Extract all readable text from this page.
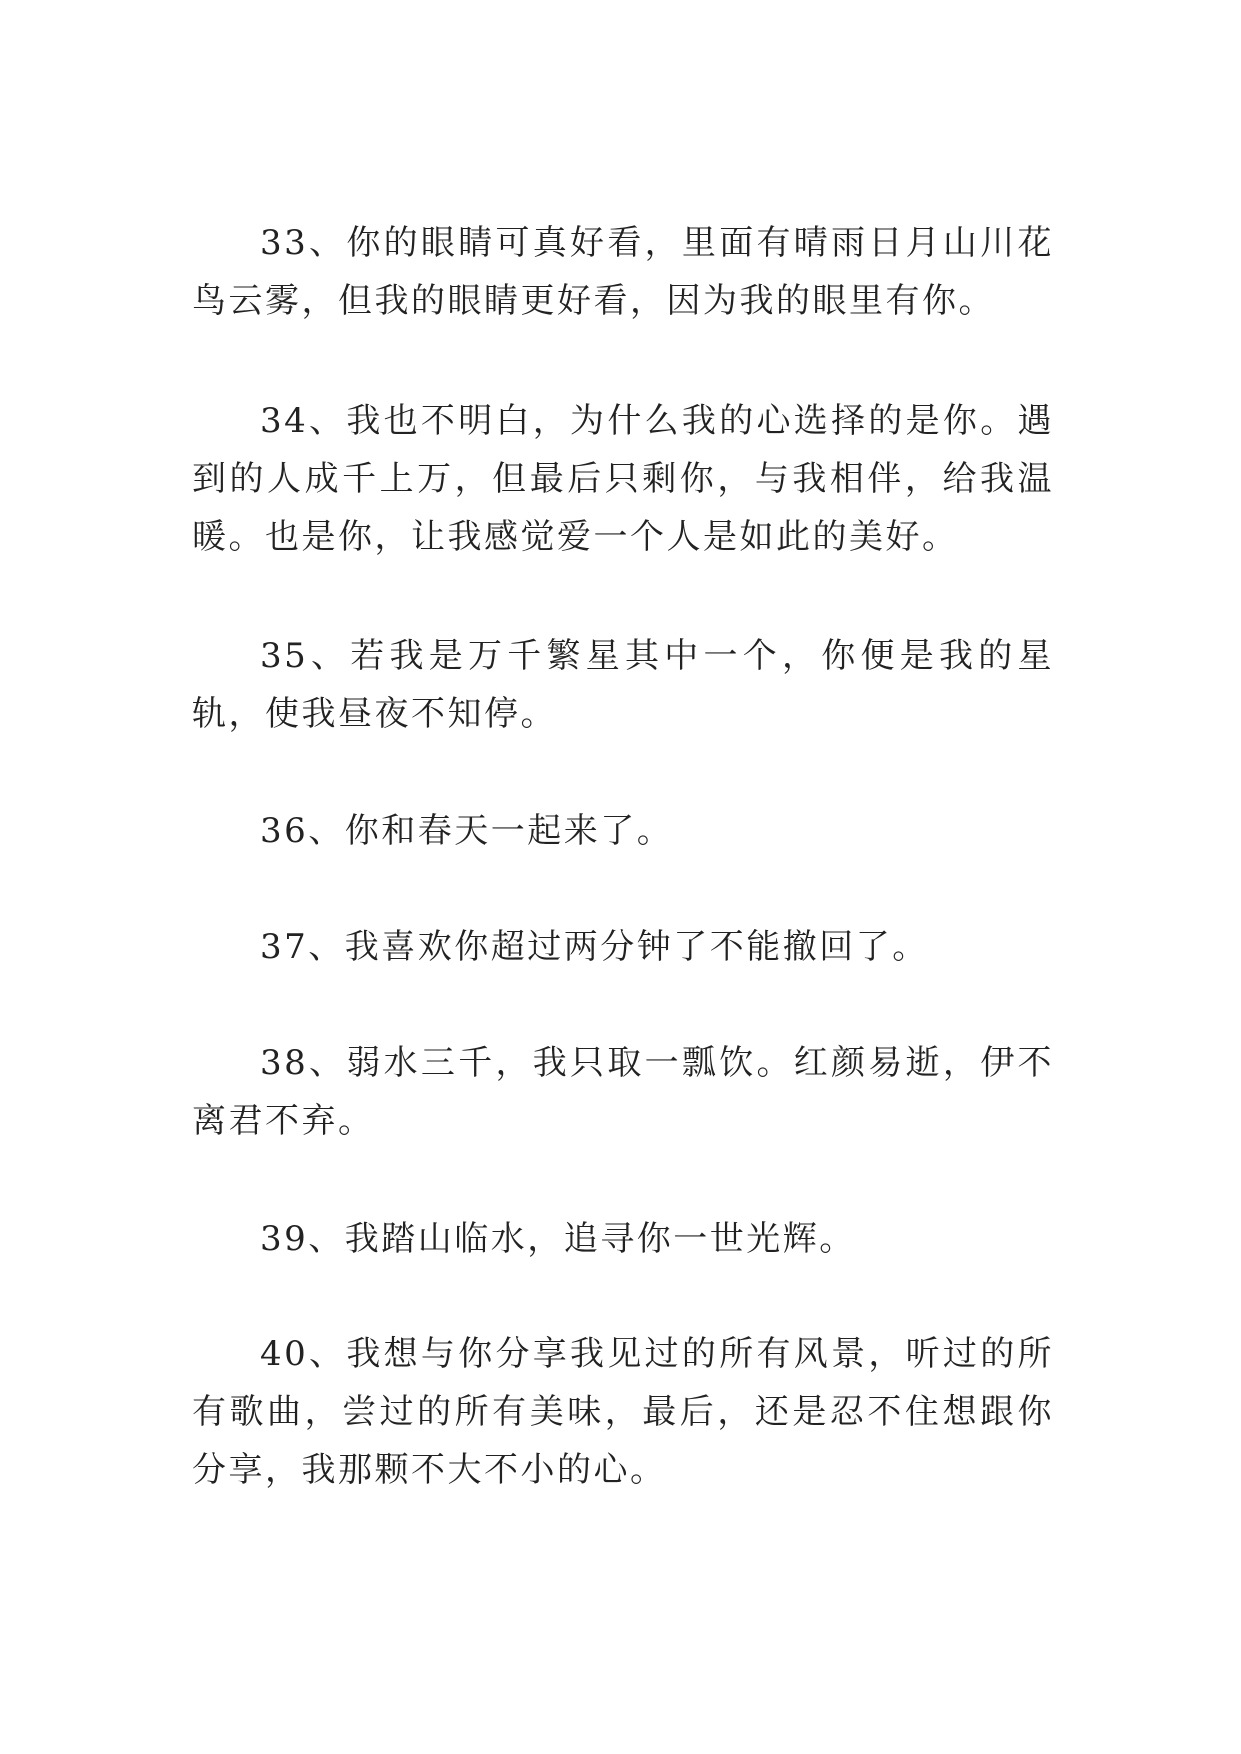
33、你的眼睛可真好看，里面有晴雨日月山川花鸟云雾，但我的眼睛更好看，因为我的眼里有你。

34、我也不明白，为什么我的心选择的是你。遇到的人成千上万，但最后只剩你，与我相伴，给我温暖。也是你，让我感觉爱一个人是如此的美好。

35、若我是万千繁星其中一个，你便是我的星轨，使我昼夜不知停。

36、你和春天一起来了。

37、我喜欢你超过两分钟了不能撤回了。

38、弱水三千，我只取一瓢饮。红颜易逝，伊不离君不弃。

39、我踏山临水，追寻你一世光辉。

40、我想与你分享我见过的所有风景，听过的所有歌曲，尝过的所有美味，最后，还是忍不住想跟你分享，我那颗不大不小的心。
